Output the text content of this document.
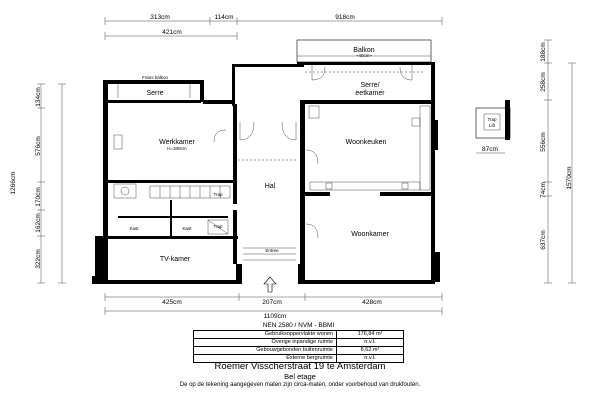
313cm	114cm	918cm
421cm
1266cm
134cm
576cm
170cm
162cm
322cm
188cm
258cm
556cm
74cm
637cm
1570cm
425cm	207cm	428cm
1109cm
Balkon
~40cm~
Frans balkon
Serre
Serre/
eetkamer
Werkkamer
H=308cm
Trap
Kast	Kast	Trap
TV-kamer
Hal
Entree
Woonkeuken
Woonkamer
Trap
Lift
87cm
NEN 2580 / NVM - BBMI
Gebruiksoppervlakte wonen	176,84 m²
Overige inpandige ruimte	n.v.t.
Gebouwgebonden buitenruimte	8,62 m²
Externe bergruimte	n.v.t.
Roemer Visscherstraat 19 te Amsterdam
Bel etage
De op de tekening aangegeven maten zijn circa-maten, onder voorbehoud van drukfouten.
